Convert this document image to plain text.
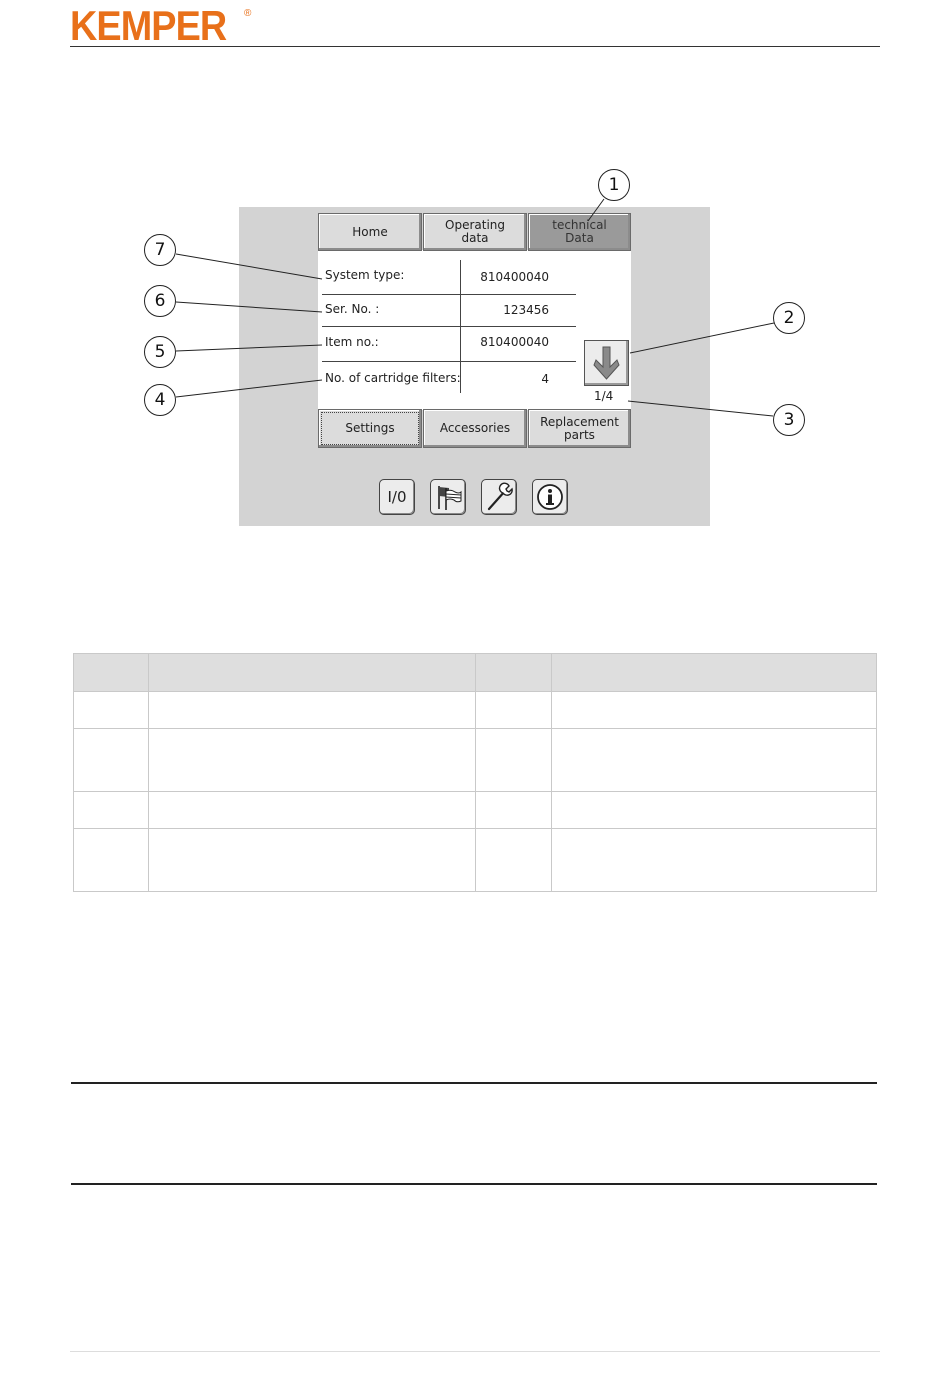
KEMPER ®
Home	Operating
data
technical
Data
System type:	810400040
Ser. No. :	123456
Item no.:	810400040
No. of cartridge filters:	4
1/4
Settings	Accessories Replacement
parts
I/0
1
2
3
4
5
6
7
